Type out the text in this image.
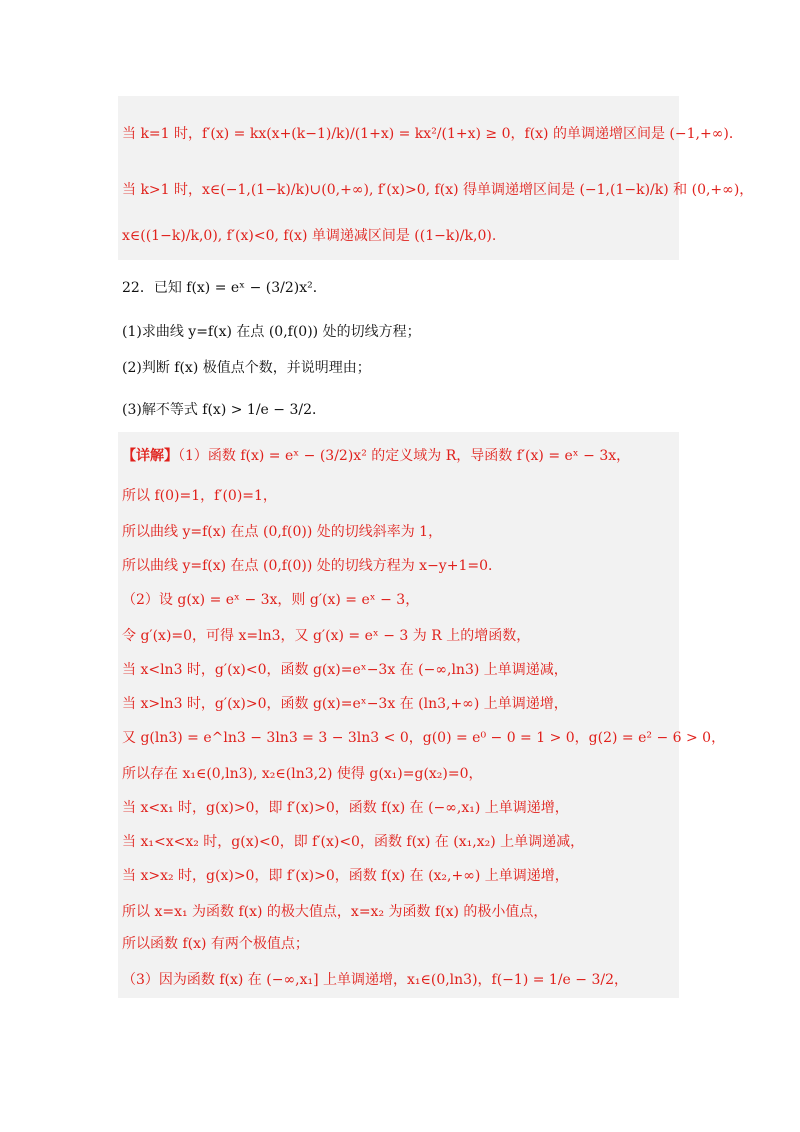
当 k=1 时，f′(x) = kx(x+(k−1)/k)/(1+x) = kx²/(1+x) ≥ 0，f(x) 的单调递增区间是 (−1,+∞)．
当 k>1 时，x∈(−1,(1−k)/k)∪(0,+∞), f′(x)>0, f(x) 得单调递增区间是 (−1,(1−k)/k) 和 (0,+∞)，
x∈((1−k)/k,0), f′(x)<0, f(x) 单调递减区间是 ((1−k)/k,0).
22．已知 f(x) = eˣ − (3/2)x²．
(1)求曲线 y=f(x) 在点 (0,f(0)) 处的切线方程；
(2)判断 f(x) 极值点个数，并说明理由；
(3)解不等式 f(x) > 1/e − 3/2．
【详解】（1）函数 f(x) = eˣ − (3/2)x² 的定义域为 R，导函数 f′(x) = eˣ − 3x，
所以 f(0)=1，f′(0)=1，
所以曲线 y=f(x) 在点 (0,f(0)) 处的切线斜率为 1，
所以曲线 y=f(x) 在点 (0,f(0)) 处的切线方程为 x−y+1=0．
（2）设 g(x) = eˣ − 3x，则 g′(x) = eˣ − 3，
令 g′(x)=0，可得 x=ln3，又 g′(x) = eˣ − 3 为 R 上的增函数，
当 x<ln3 时，g′(x)<0，函数 g(x)=eˣ−3x 在 (−∞,ln3) 上单调递减，
当 x>ln3 时，g′(x)>0，函数 g(x)=eˣ−3x 在 (ln3,+∞) 上单调递增，
又 g(ln3) = e^ln3 − 3ln3 = 3 − 3ln3 < 0，g(0) = e⁰ − 0 = 1 > 0，g(2) = e² − 6 > 0，
所以存在 x₁∈(0,ln3), x₂∈(ln3,2) 使得 g(x₁)=g(x₂)=0，
当 x<x₁ 时，g(x)>0，即 f′(x)>0，函数 f(x) 在 (−∞,x₁) 上单调递增，
当 x₁<x<x₂ 时，g(x)<0，即 f′(x)<0，函数 f(x) 在 (x₁,x₂) 上单调递减，
当 x>x₂ 时，g(x)>0，即 f′(x)>0，函数 f(x) 在 (x₂,+∞) 上单调递增，
所以 x=x₁ 为函数 f(x) 的极大值点，x=x₂ 为函数 f(x) 的极小值点，
所以函数 f(x) 有两个极值点；
（3）因为函数 f(x) 在 (−∞,x₁] 上单调递增，x₁∈(0,ln3)，f(−1) = 1/e − 3/2，
